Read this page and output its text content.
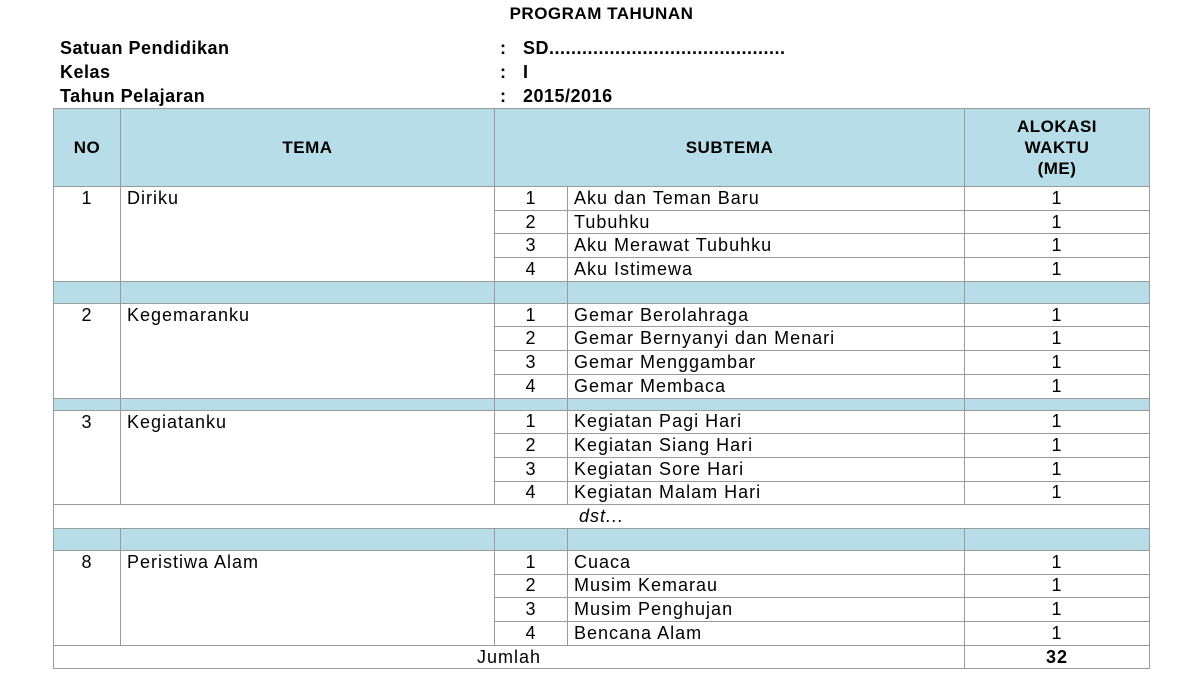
PROGRAM TAHUNAN
Satuan Pendidikan	: SD...........................................
Kelas	: I
Tahun Pelajaran	: 2015/2016
NO	TEMA	SUBTEMA		ALOKASI
WAKTU
(ME)

1	Diriku	1	Aku dan Teman Baru	1
		2	Tubuhku	1
		3	Aku Merawat Tubuhku	1
		4	Aku Istimewa	1

2	Kegemaranku	1	Gemar Berolahraga	1
		2	Gemar Bernyanyi dan Menari	1
		3	Gemar Menggambar	1
		4	Gemar Membaca	1

3	Kegiatanku	1	Kegiatan Pagi Hari	1
		2	Kegiatan Siang Hari	1
		3	Kegiatan Sore Hari	1
		4	Kegiatan Malam Hari	1
dst...				

8	Peristiwa Alam	1	Cuaca	1
		2	Musim Kemarau	1
		3	Musim Penghujan	1
		4	Bencana Alam	1
Jumlah				32
